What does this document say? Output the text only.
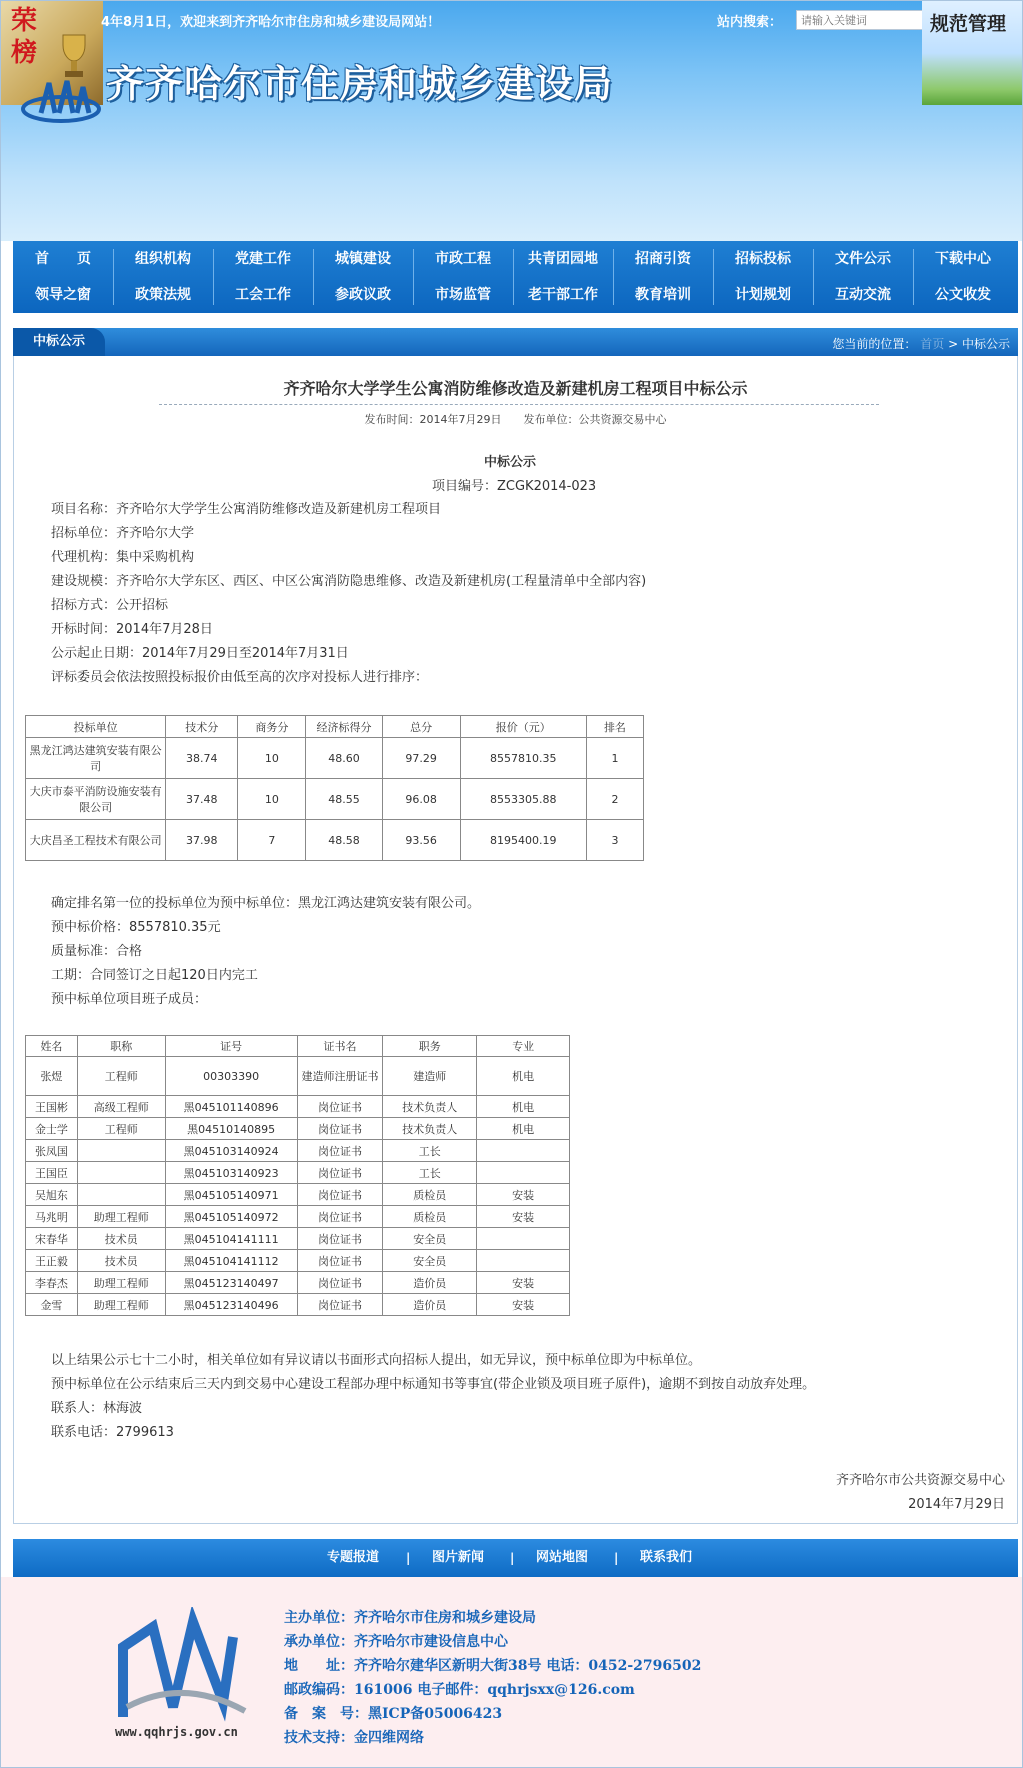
荣榜
4年8月1日，欢迎来到齐齐哈尔市住房和城乡建设局网站！	站内搜索：
请输入关键词	规范管理
齐齐哈尔市住房和城乡建设局
首　　页	组织机构	党建工作	城镇建设	市政工程	共青团园地	招商引资	招标投标	文件公示	下载中心
领导之窗	政策法规	工会工作	参政议政	市场监管	老干部工作	教育培训	计划规划	互动交流	公文收发
中标公示	您当前的位置： 首页 > 中标公示
齐齐哈尔大学学生公寓消防维修改造及新建机房工程项目中标公示
发布时间：2014年7月29日　　发布单位：公共资源交易中心
中标公示
项目编号：ZCGK2014-023
项目名称：齐齐哈尔大学学生公寓消防维修改造及新建机房工程项目
招标单位：齐齐哈尔大学
代理机构：集中采购机构
建设规模：齐齐哈尔大学东区、西区、中区公寓消防隐患维修、改造及新建机房(工程量清单中全部内容)
招标方式：公开招标
开标时间：2014年7月28日
公示起止日期：2014年7月29日至2014年7月31日
评标委员会依法按照投标报价由低至高的次序对投标人进行排序：
投标单位	技术分	商务分	经济标得分	总分	报价（元）	排名
黑龙江鸿达建筑安装有限公司	38.74	10	48.60	97.29	8557810.35	1
大庆市泰平消防设施安装有限公司	37.48	10	48.55	96.08	8553305.88	2
大庆昌圣工程技术有限公司	37.98	7	48.58	93.56	8195400.19	3
确定排名第一位的投标单位为预中标单位：黑龙江鸿达建筑安装有限公司。
预中标价格：8557810.35元
质量标准：合格
工期：合同签订之日起120日内完工
预中标单位项目班子成员：
姓名	职称	证号	证书名	职务	专业
张煜	工程师	00303390	建造师注册证书	建造师	机电
王国彬	高级工程师	黑045101140896	岗位证书	技术负责人	机电
金士学	工程师	黑04510140895	岗位证书	技术负责人	机电
张凤国		黑045103140924	岗位证书	工长	
王国臣		黑045103140923	岗位证书	工长	
吴旭东		黑045105140971	岗位证书	质检员	安装
马兆明	助理工程师	黑045105140972	岗位证书	质检员	安装
宋春华	技术员	黑045104141111	岗位证书	安全员	
王正毅	技术员	黑045104141112	岗位证书	安全员	
李春杰	助理工程师	黑045123140497	岗位证书	造价员	安装
金雪	助理工程师	黑045123140496	岗位证书	造价员	安装
以上结果公示七十二小时，相关单位如有异议请以书面形式向招标人提出，如无异议，预中标单位即为中标单位。
预中标单位在公示结束后三天内到交易中心建设工程部办理中标通知书等事宜(带企业锁及项目班子原件)，逾期不到按自动放弃处理。
联系人：林海波
联系电话：2799613
齐齐哈尔市公共资源交易中心
2014年7月29日
专题报道 | 图片新闻 | 网站地图 | 联系我们
www.qqhrjs.gov.cn
主办单位：齐齐哈尔市住房和城乡建设局
承办单位：齐齐哈尔市建设信息中心
地　　址：齐齐哈尔建华区新明大街38号 电话：0452-2796502
邮政编码：161006 电子邮件：qqhrjsxx@126.com
备　案　号：黑ICP备05006423
技术支持：金四维网络
